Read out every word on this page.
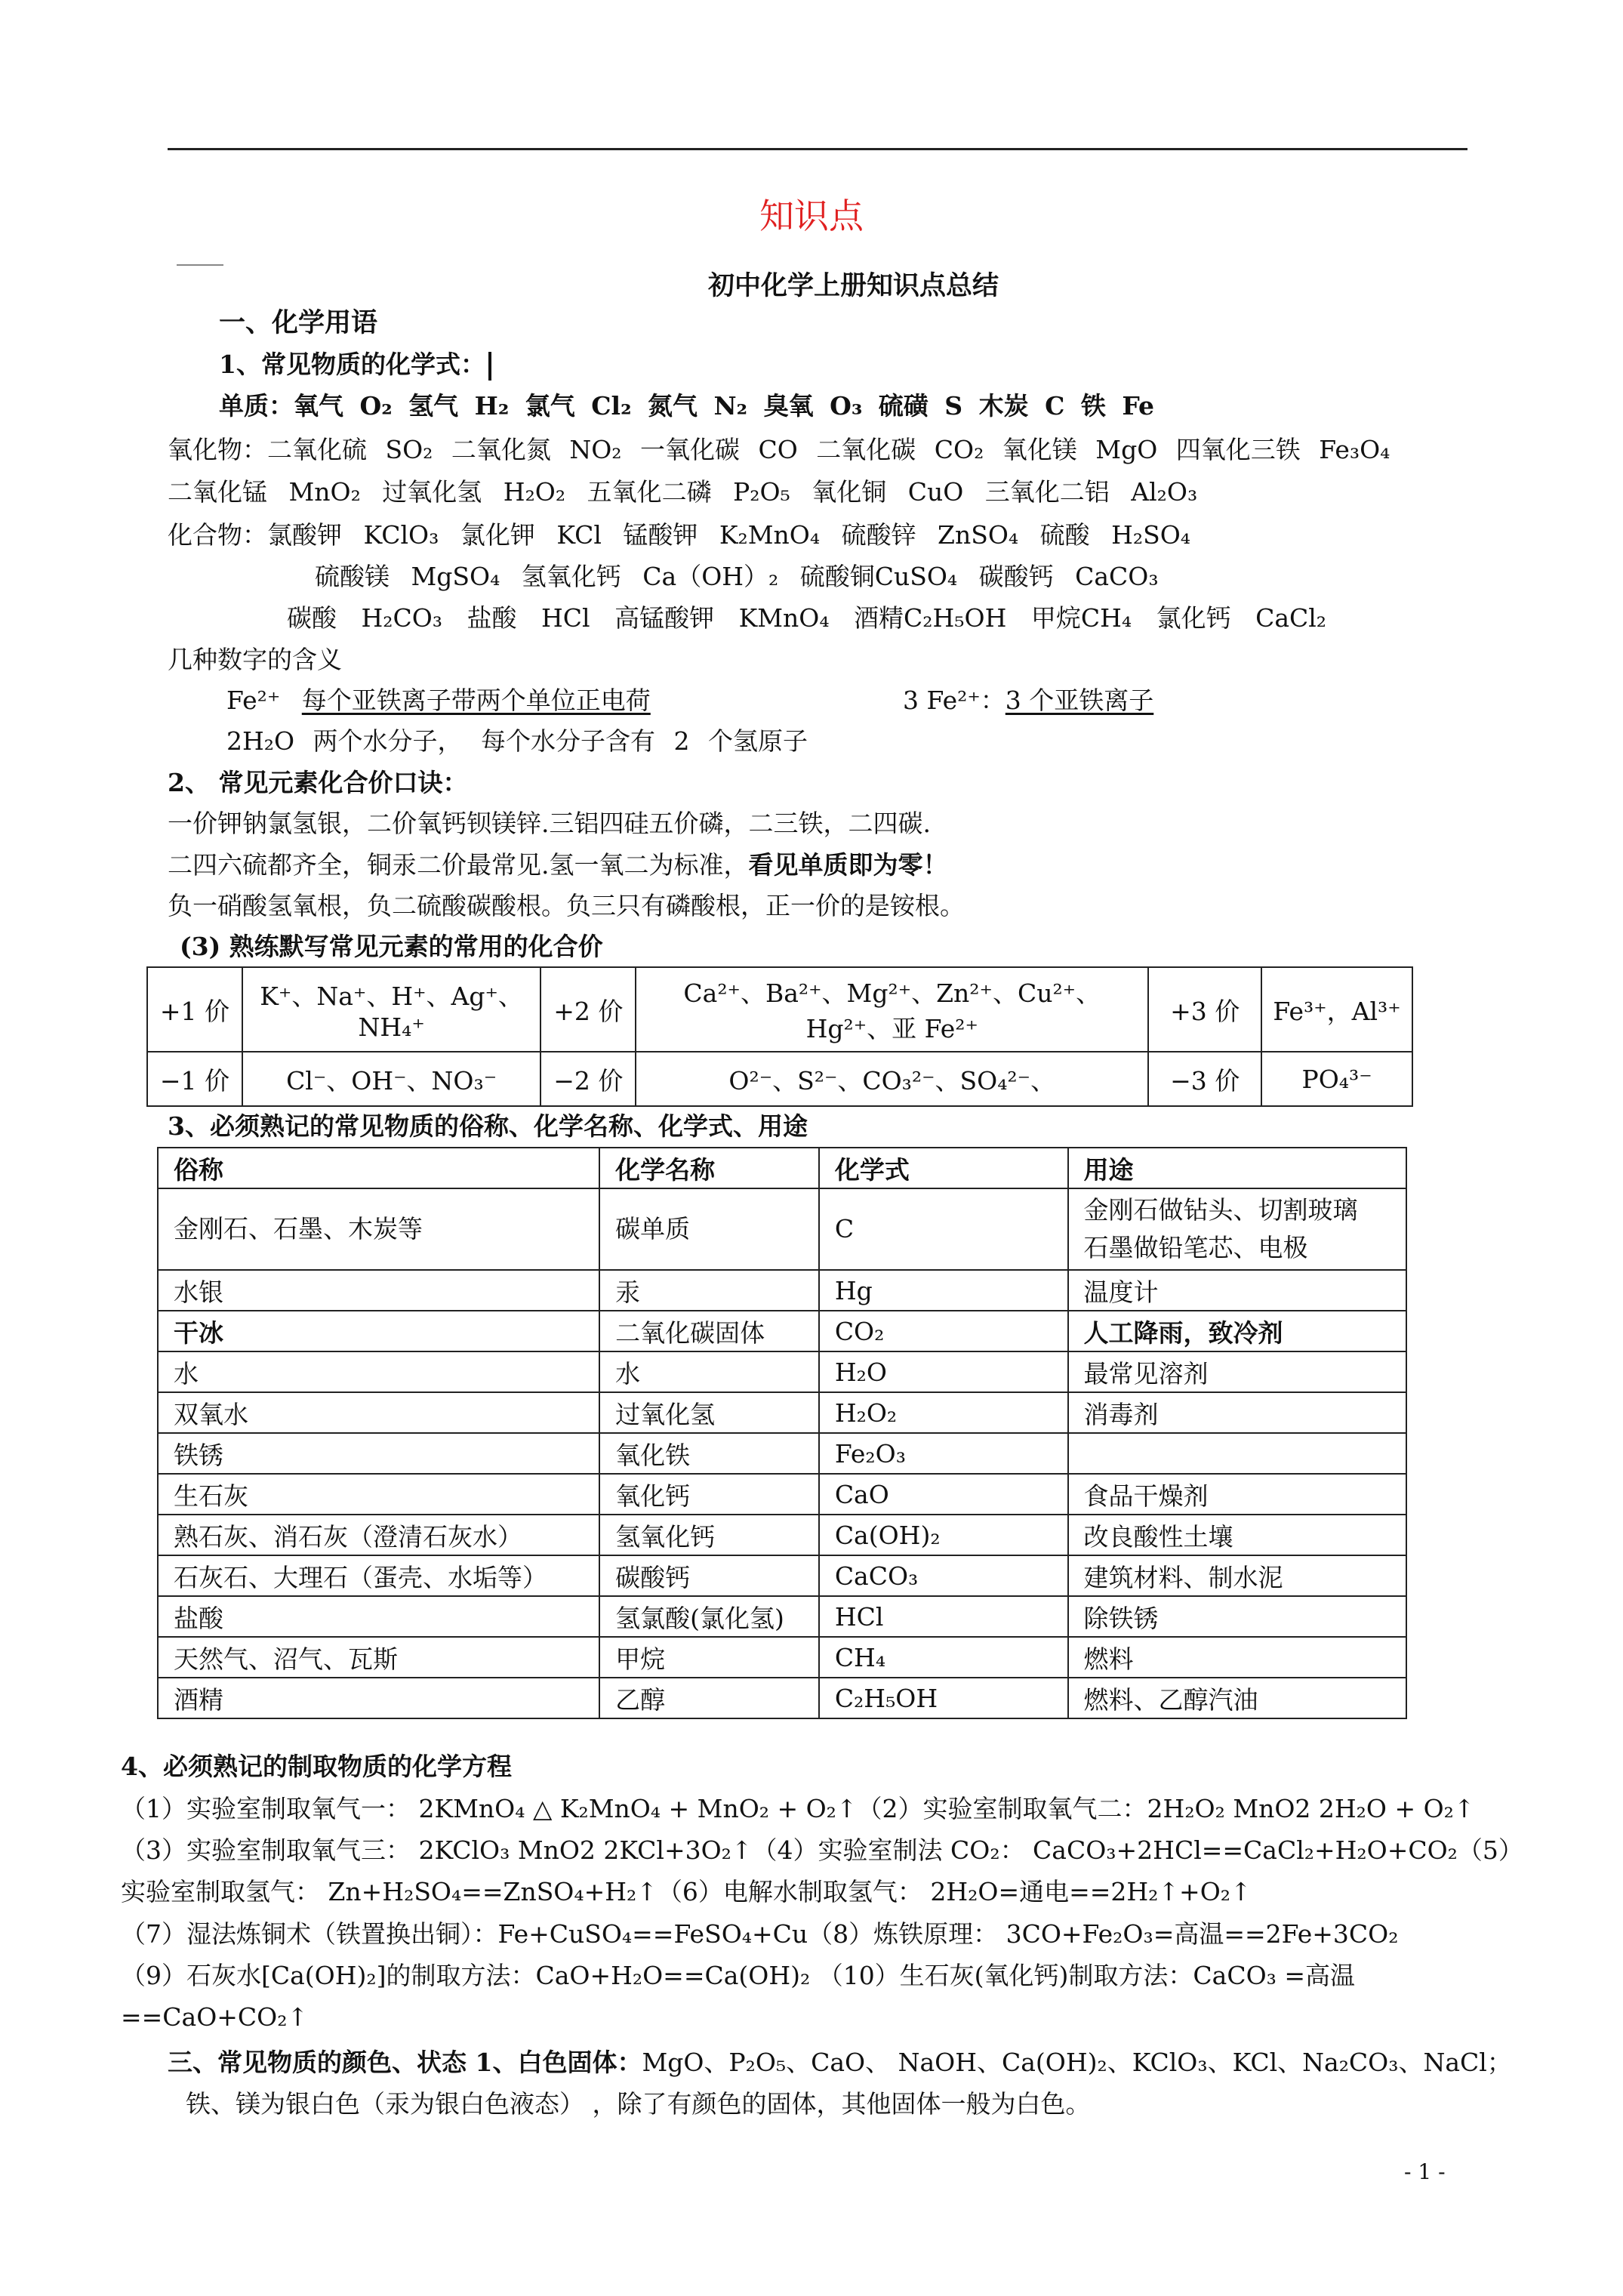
知识点
初中化学上册知识点总结
一、化学用语
1、常见物质的化学式：
单质：氧气 O₂ 氢气 H₂ 氯气 Cl₂ 氮气 N₂ 臭氧 O₃ 硫磺 S 木炭 C 铁 Fe
氧化物：二氧化硫 SO₂ 二氧化氮 NO₂ 一氧化碳 CO 二氧化碳 CO₂ 氧化镁 MgO 四氧化三铁 Fe₃O₄
二氧化锰 MnO₂ 过氧化氢 H₂O₂ 五氧化二磷 P₂O₅ 氧化铜 CuO 三氧化二铝 Al₂O₃
化合物：氯酸钾 KClO₃ 氯化钾 KCl 锰酸钾 K₂MnO₄ 硫酸锌 ZnSO₄ 硫酸 H₂SO₄
硫酸镁 MgSO₄ 氢氧化钙 Ca（OH）₂ 硫酸铜CuSO₄ 碳酸钙 CaCO₃
碳酸 H₂CO₃ 盐酸 HCl 高锰酸钾 KMnO₄ 酒精C₂H₅OH 甲烷CH₄ 氯化钙 CaCl₂
几种数字的含义
Fe²⁺ 每个亚铁离子带两个单位正电荷	3 Fe²⁺：3 个亚铁离子
2H₂O 两个水分子， 每个水分子含有 2 个氢原子
2、 常见元素化合价口诀：
一价钾钠氯氢银，二价氧钙钡镁锌.三铝四硅五价磷，二三铁，二四碳.
二四六硫都齐全，铜汞二价最常见.氢一氧二为标准，看见单质即为零！
负一硝酸氢氧根，负二硫酸碳酸根。负三只有磷酸根，正一价的是铵根。
(3) 熟练默写常见元素的常用的化合价
+1 价	K⁺、Na⁺、H⁺、Ag⁺、NH₄⁺	+2 价	Ca²⁺、Ba²⁺、Mg²⁺、Zn²⁺、Cu²⁺、Hg²⁺、亚 Fe²⁺	+3 价	Fe³⁺，Al³⁺
−1 价	Cl⁻、OH⁻、NO₃⁻	−2 价	O²⁻、S²⁻、CO₃²⁻、SO₄²⁻、	−3 价	PO₄³⁻
3、必须熟记的常见物质的俗称、化学名称、化学式、用途
俗称	化学名称	化学式	用途
金刚石、石墨、木炭等	碳单质	C	金刚石做钻头、切割玻璃
石墨做铅笔芯、电极
水银	汞	Hg	温度计
干冰	二氧化碳固体	CO₂	人工降雨，致冷剂
水	水	H₂O	最常见溶剂
双氧水	过氧化氢	H₂O₂	消毒剂
铁锈	氧化铁	Fe₂O₃	
生石灰	氧化钙	CaO	食品干燥剂
熟石灰、消石灰（澄清石灰水）	氢氧化钙	Ca(OH)₂	改良酸性土壤
石灰石、大理石（蛋壳、水垢等）	碳酸钙	CaCO₃	建筑材料、制水泥
盐酸	氢氯酸(氯化氢)	HCl	除铁锈
天然气、沼气、瓦斯	甲烷	CH₄	燃料
酒精	乙醇	C₂H₅OH	燃料、乙醇汽油
4、必须熟记的制取物质的化学方程
（1）实验室制取氧气一： 2KMnO₄ △ K₂MnO₄ + MnO₂ + O₂↑（2）实验室制取氧气二：2H₂O₂ MnO2 2H₂O + O₂↑
（3）实验室制取氧气三： 2KClO₃ MnO2 2KCl+3O₂↑（4）实验室制法 CO₂： CaCO₃+2HCl==CaCl₂+H₂O+CO₂（5）
实验室制取氢气： Zn+H₂SO₄==ZnSO₄+H₂↑（6）电解水制取氢气： 2H₂O=通电==2H₂↑+O₂↑
（7）湿法炼铜术（铁置换出铜）：Fe+CuSO₄==FeSO₄+Cu（8）炼铁原理： 3CO+Fe₂O₃=高温==2Fe+3CO₂
（9）石灰水[Ca(OH)₂]的制取方法：CaO+H₂O==Ca(OH)₂ （10）生石灰(氧化钙)制取方法：CaCO₃ =高温
==CaO+CO₂↑
三、常见物质的颜色、状态 1、白色固体：MgO、P₂O₅、CaO、 NaOH、Ca(OH)₂、KClO₃、KCl、Na₂CO₃、NaCl；
铁、镁为银白色（汞为银白色液态） ，除了有颜色的固体，其他固体一般为白色。
- 1 -
